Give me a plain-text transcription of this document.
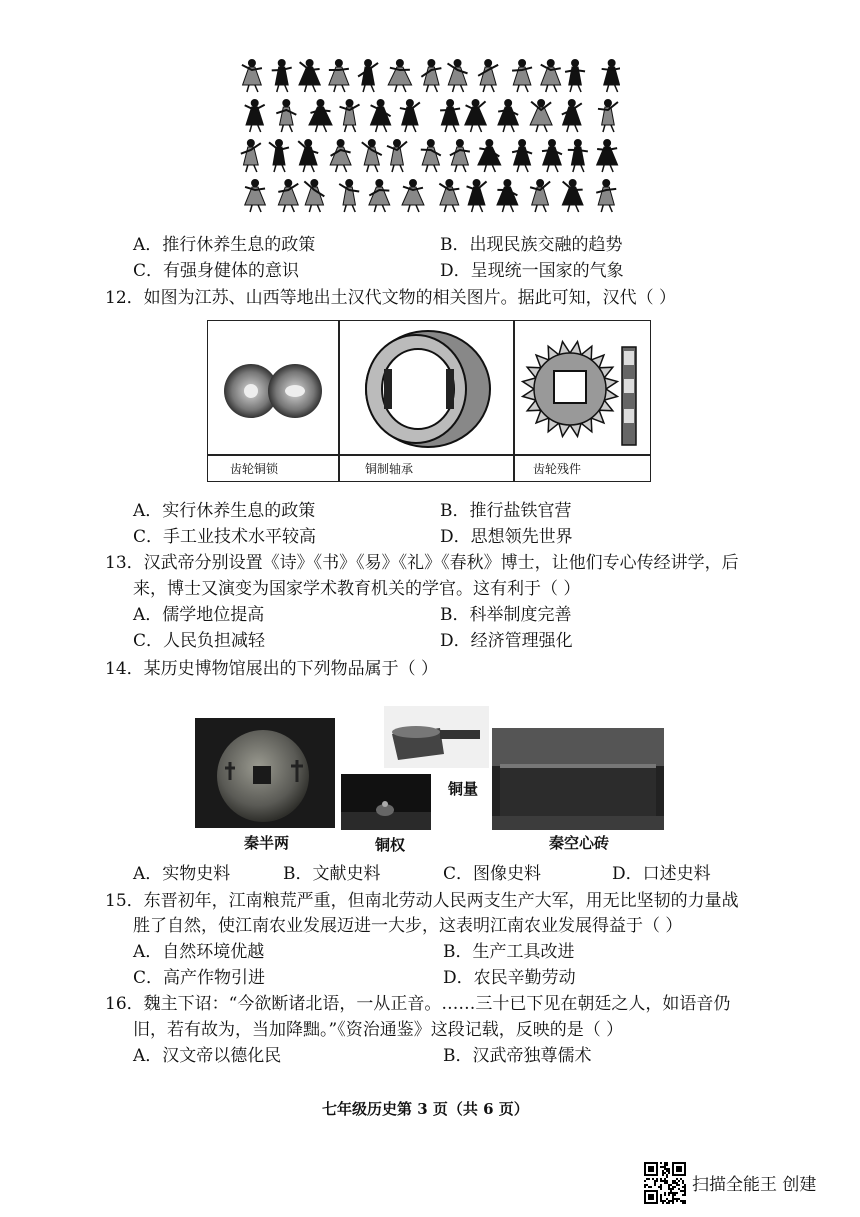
A．推行休养生息的政策	B．出现民族交融的趋势
C．有强身健体的意识	D．呈现统一国家的气象
12．如图为江苏、山西等地出土汉代文物的相关图片。据此可知，汉代（ ）
齿轮铜锁	铜制轴承	齿轮残件
A．实行休养生息的政策	B．推行盐铁官营
C．手工业技术水平较高	D．思想领先世界
13．汉武帝分别设置《诗》《书》《易》《礼》《春秋》博士，让他们专心传经讲学，后
来，博士又演变为国家学术教育机关的学官。这有利于（ ）
A．儒学地位提高	B．科举制度完善
C．人民负担减轻	D．经济管理强化
14．某历史博物馆展出的下列物品属于（ ）
秦半两	铜权
铜量
秦空心砖
A．实物史料	B．文献史料	C．图像史料	D．口述史料
15．东晋初年，江南粮荒严重，但南北劳动人民两支生产大军，用无比坚韧的力量战
胜了自然，使江南农业发展迈进一大步，这表明江南农业发展得益于（ ）
A．自然环境优越	B．生产工具改进
C．高产作物引进	D．农民辛勤劳动
16．魏主下诏：“今欲断诸北语，一从正音。……三十已下见在朝廷之人，如语音仍
旧，若有故为，当加降黜。”《资治通鉴》这段记载，反映的是（ ）
A．汉文帝以德化民	B．汉武帝独尊儒术
七年级历史第 3 页（共 6 页）
扫描全能王 创建
